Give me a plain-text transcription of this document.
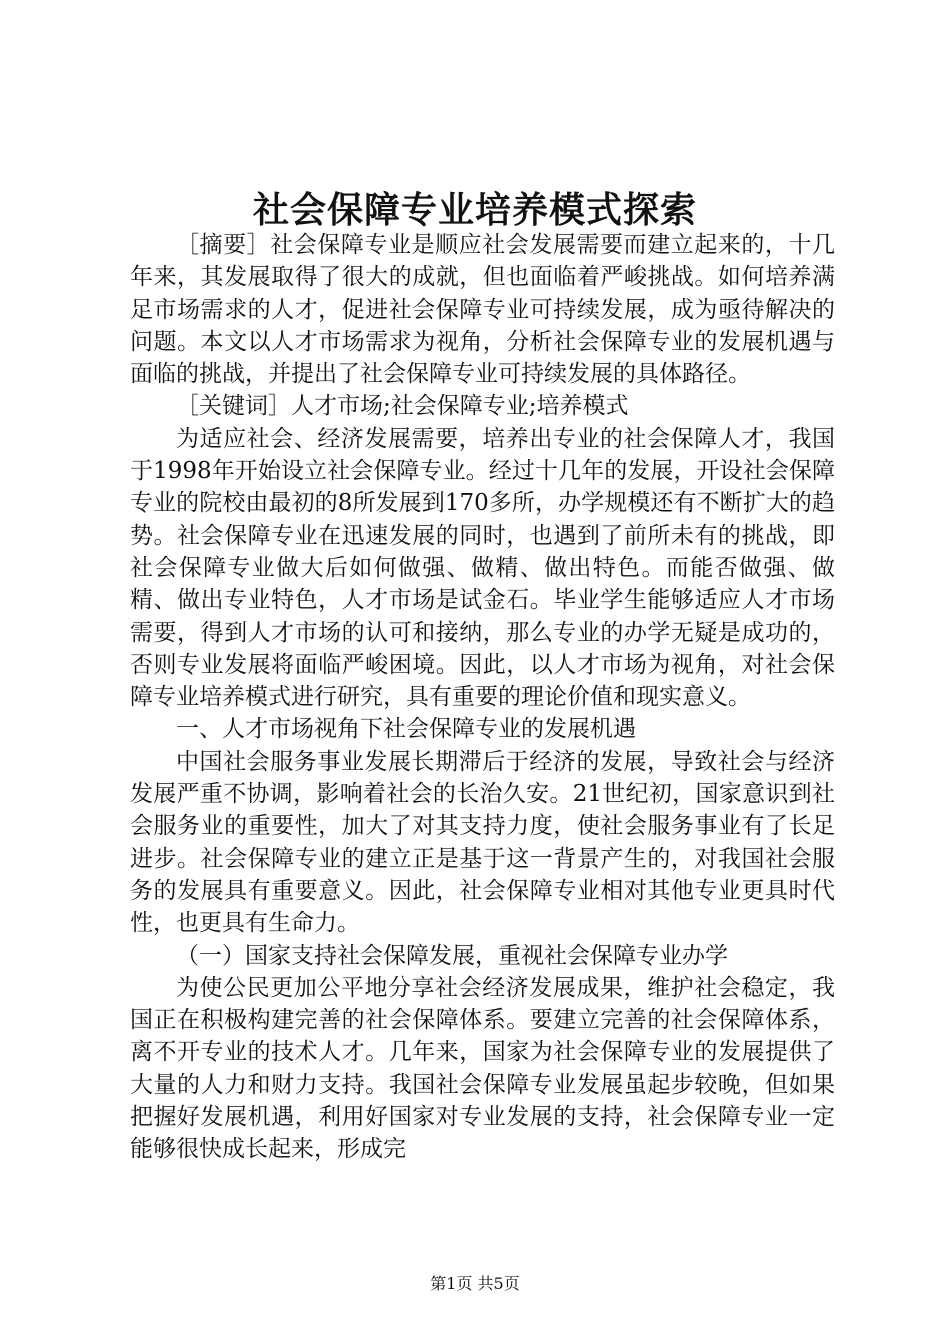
社会保障专业培养模式探索

［摘要］社会保障专业是顺应社会发展需要而建立起来的，十几年来，其发展取得了很大的成就，但也面临着严峻挑战。如何培养满足市场需求的人才，促进社会保障专业可持续发展，成为亟待解决的问题。本文以人才市场需求为视角，分析社会保障专业的发展机遇与面临的挑战，并提出了社会保障专业可持续发展的具体路径。

［关键词］人才市场;社会保障专业;培养模式

为适应社会、经济发展需要，培养出专业的社会保障人才，我国于1998年开始设立社会保障专业。经过十几年的发展，开设社会保障专业的院校由最初的8所发展到170多所，办学规模还有不断扩大的趋势。社会保障专业在迅速发展的同时，也遇到了前所未有的挑战，即社会保障专业做大后如何做强、做精、做出特色。而能否做强、做精、做出专业特色，人才市场是试金石。毕业学生能够适应人才市场需要，得到人才市场的认可和接纳，那么专业的办学无疑是成功的，否则专业发展将面临严峻困境。因此，以人才市场为视角，对社会保障专业培养模式进行研究，具有重要的理论价值和现实意义。

一、人才市场视角下社会保障专业的发展机遇

中国社会服务事业发展长期滞后于经济的发展，导致社会与经济发展严重不协调，影响着社会的长治久安。21世纪初，国家意识到社会服务业的重要性，加大了对其支持力度，使社会服务事业有了长足进步。社会保障专业的建立正是基于这一背景产生的，对我国社会服务的发展具有重要意义。因此，社会保障专业相对其他专业更具时代性，也更具有生命力。

（一）国家支持社会保障发展，重视社会保障专业办学

为使公民更加公平地分享社会经济发展成果，维护社会稳定，我国正在积极构建完善的社会保障体系。要建立完善的社会保障体系，离不开专业的技术人才。几年来，国家为社会保障专业的发展提供了大量的人力和财力支持。我国社会保障专业发展虽起步较晚，但如果把握好发展机遇，利用好国家对专业发展的支持，社会保障专业一定能够很快成长起来，形成完

第1页 共5页
